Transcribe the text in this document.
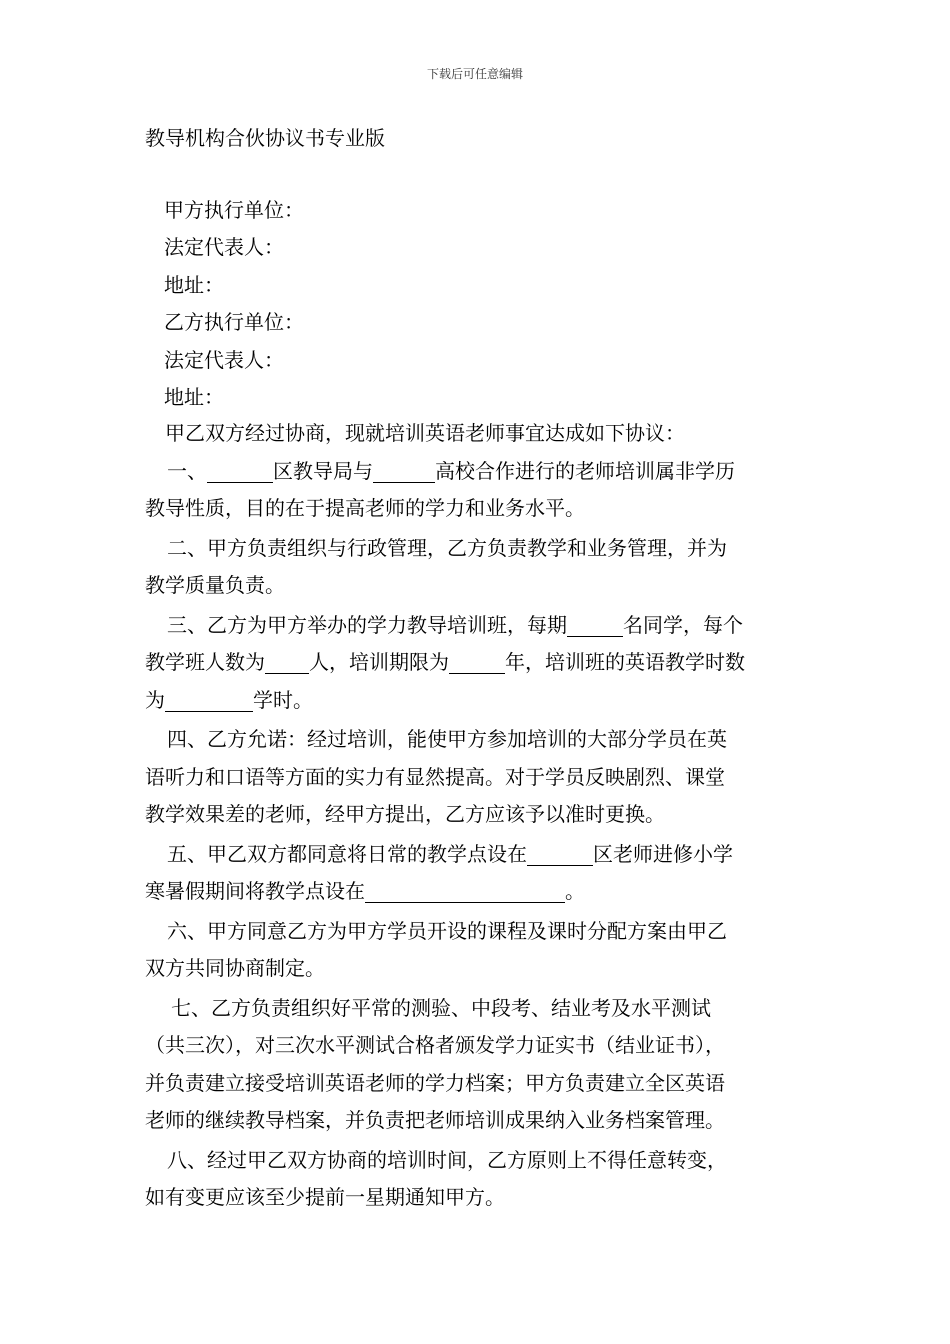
下载后可任意编辑
教导机构合伙协议书专业版
甲方执行单位：
法定代表人：
地址：
乙方执行单位：
法定代表人：
地址：
甲乙双方经过协商，现就培训英语老师事宜达成如下协议：
一、	区教导局与	高校合作进行的老师培训属非学历
教导性质，目的在于提高老师的学力和业务水平。
二、甲方负责组织与行政管理，乙方负责教学和业务管理，并为
教学质量负责。
三、乙方为甲方举办的学力教导培训班，每期	名同学，每个
教学班人数为 人，培训期限为	年，培训班的英语教学时数
为	学时。
四、乙方允诺：经过培训，能使甲方参加培训的大部分学员在英
语听力和口语等方面的实力有显然提高。对于学员反映剧烈、课堂
教学效果差的老师，经甲方提出，乙方应该予以准时更换。
五、甲乙双方都同意将日常的教学点设在	区老师进修小学
寒暑假期间将教学点设在	。
六、甲方同意乙方为甲方学员开设的课程及课时分配方案由甲乙
双方共同协商制定。
七、乙方负责组织好平常的测验、中段考、结业考及水平测试
（共三次），对三次水平测试合格者颁发学力证实书（结业证书），
并负责建立接受培训英语老师的学力档案；甲方负责建立全区英语
老师的继续教导档案，并负责把老师培训成果纳入业务档案管理。
八、经过甲乙双方协商的培训时间，乙方原则上不得任意转变，
如有变更应该至少提前一星期通知甲方。
